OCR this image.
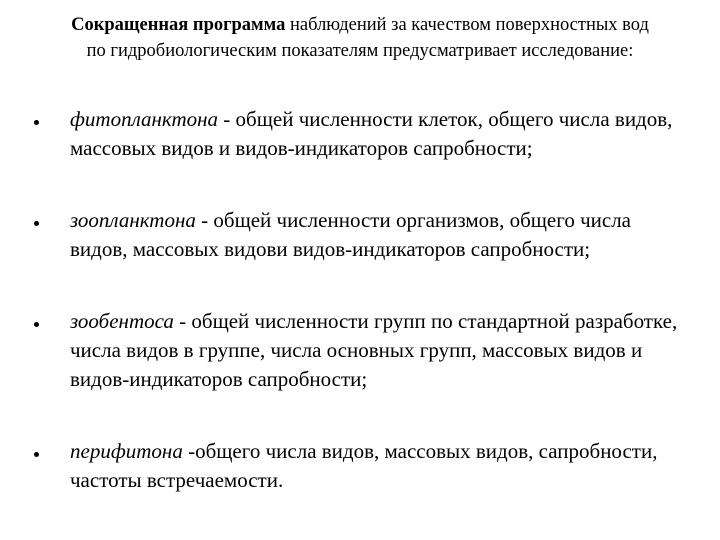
Сокращенная программа наблюдений за качеством поверхностных вод по гидробиологическим показателям предусматривает исследование:
фитопланктона - общей численности клеток, общего числа видов, массовых видов и видов-индикаторов сапробности;
зоопланктона - общей численности организмов, общего числа видов, массовых видови видов-индикаторов сапробности;
зообентоса - общей численности групп по стандартной разработке, числа видов в группе, числа основных групп, массовых видов и видов-индикаторов сапробности;
перифитона -общего числа видов, массовых видов, сапробности, частоты встречаемости.
